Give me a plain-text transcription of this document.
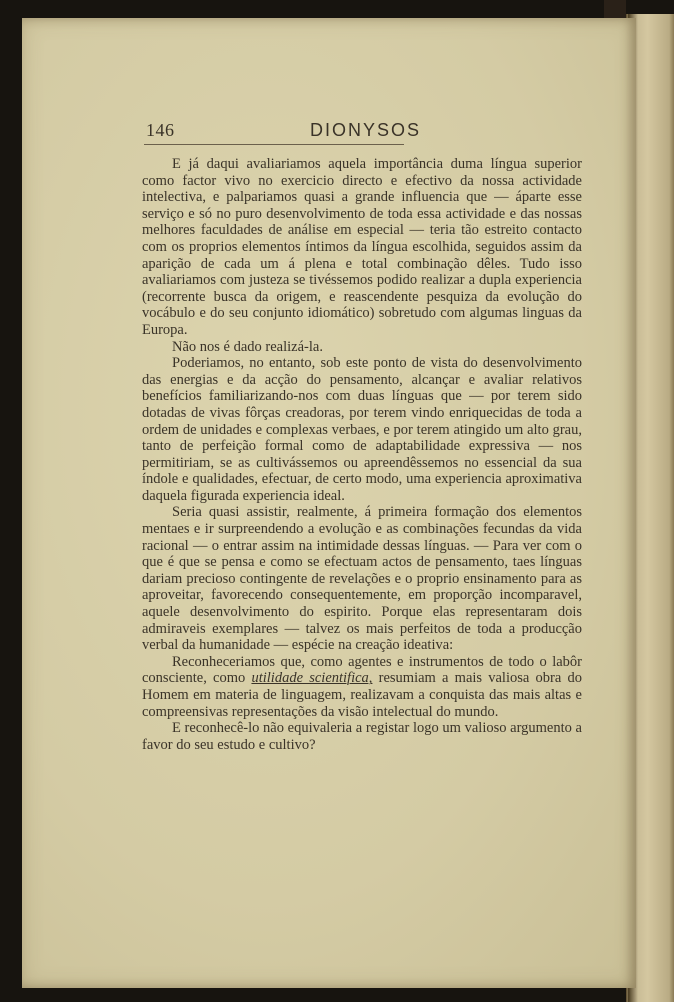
146	DIONYSOS

E já daqui avaliariamos aquela importância duma língua superior como factor vivo no exercicio directo e efectivo da nossa actividade intelectiva, e palpariamos quasi a grande influencia que — áparte esse serviço e só no puro desenvolvimento de toda essa actividade e das nossas melhores faculdades de análise em especial — teria tão estreito contacto com os proprios elementos íntimos da língua escolhida, seguidos assim da aparição de cada um á plena e total combinação dêles. Tudo isso avaliariamos com justeza se tivéssemos podido realizar a dupla experiencia (recorrente busca da origem, e reascendente pesquiza da evolução do vocábulo e do seu conjunto idiomático) sobretudo com algumas linguas da Europa.

Não nos é dado realizá-la.

Poderiamos, no entanto, sob este ponto de vista do desenvolvimento das energias e da acção do pensamento, alcançar e avaliar relativos benefícios familiarizando-nos com duas línguas que — por terem sido dotadas de vivas fôrças creadoras, por terem vindo enriquecidas de toda a ordem de unidades e complexas verbaes, e por terem atingido um alto grau, tanto de perfeição formal como de adaptabilidade expressiva — nos permitiriam, se as cultivássemos ou apreendêssemos no essencial da sua índole e qualidades, efectuar, de certo modo, uma experiencia aproximativa daquela figurada experiencia ideal.

Seria quasi assistir, realmente, á primeira formação dos elementos mentaes e ir surpreendendo a evolução e as combinações fecundas da vida racional — o entrar assim na intimidade dessas línguas. — Para ver com o que é que se pensa e como se efectuam actos de pensamento, taes línguas dariam precioso contingente de revelações e o proprio ensinamento para as aproveitar, favorecendo consequentemente, em proporção incomparavel, aquele desenvolvimento do espirito. Porque elas representaram dois admiraveis exemplares — talvez os mais perfeitos de toda a producção verbal da humanidade — espécie na creação ideativa:

Reconheceriamos que, como agentes e instrumentos de todo o labôr consciente, como utilidade scientifica, resumiam a mais valiosa obra do Homem em materia de linguagem, realizavam a conquista das mais altas e compreensivas representações da visão intelectual do mundo.

E reconhecê-lo não equivaleria a registar logo um valioso argumento a favor do seu estudo e cultivo?
